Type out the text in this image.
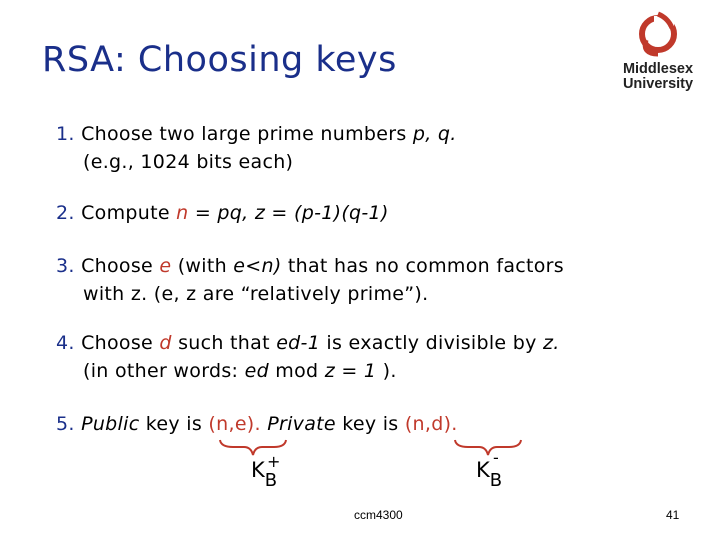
RSA: Choosing keys	Middlesex
University
1. Choose two large prime numbers p, q.
(e.g., 1024 bits each)
2. Compute n = pq, z = (p-1)(q-1)
3. Choose e (with e<n) that has no common factors
with z. (e, z are “relatively prime”).
4. Choose d such that ed-1 is exactly divisible by z.
(in other words: ed mod z = 1 ).
5. Public key is (n,e). Private key is (n,d).
K +
B	K
-
B
ccm4300	41
